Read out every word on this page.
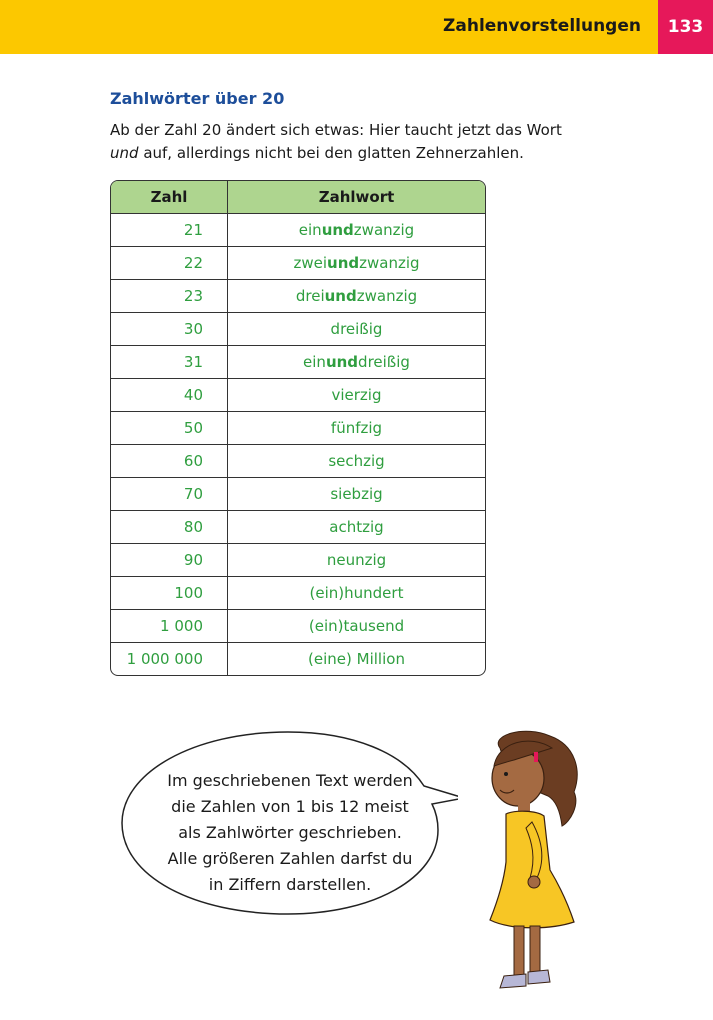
Zahlenvorstellungen	133
Zahlwörter über 20

Ab der Zahl 20 ändert sich etwas: Hier taucht jetzt das Wort

und auf, allerdings nicht bei den glatten Zehnerzahlen.

Zahl	Zahlwort
21	ein und zwanzig
22	zwei und zwanzig
23	drei und zwanzig
30	dreißig
31	ein und dreißig
40	vierzig
50	fünfzig
60	sechzig
70	siebzig
80	achtzig
90	neunzig
100	(ein)hundert
1 000	(ein)tausend
1 000 000	(eine) Million
Im geschriebenen Text werden
die Zahlen von 1 bis 12 meist
als Zahlwörter geschrieben.
Alle größeren Zahlen darfst du
in Ziffern darstellen.
